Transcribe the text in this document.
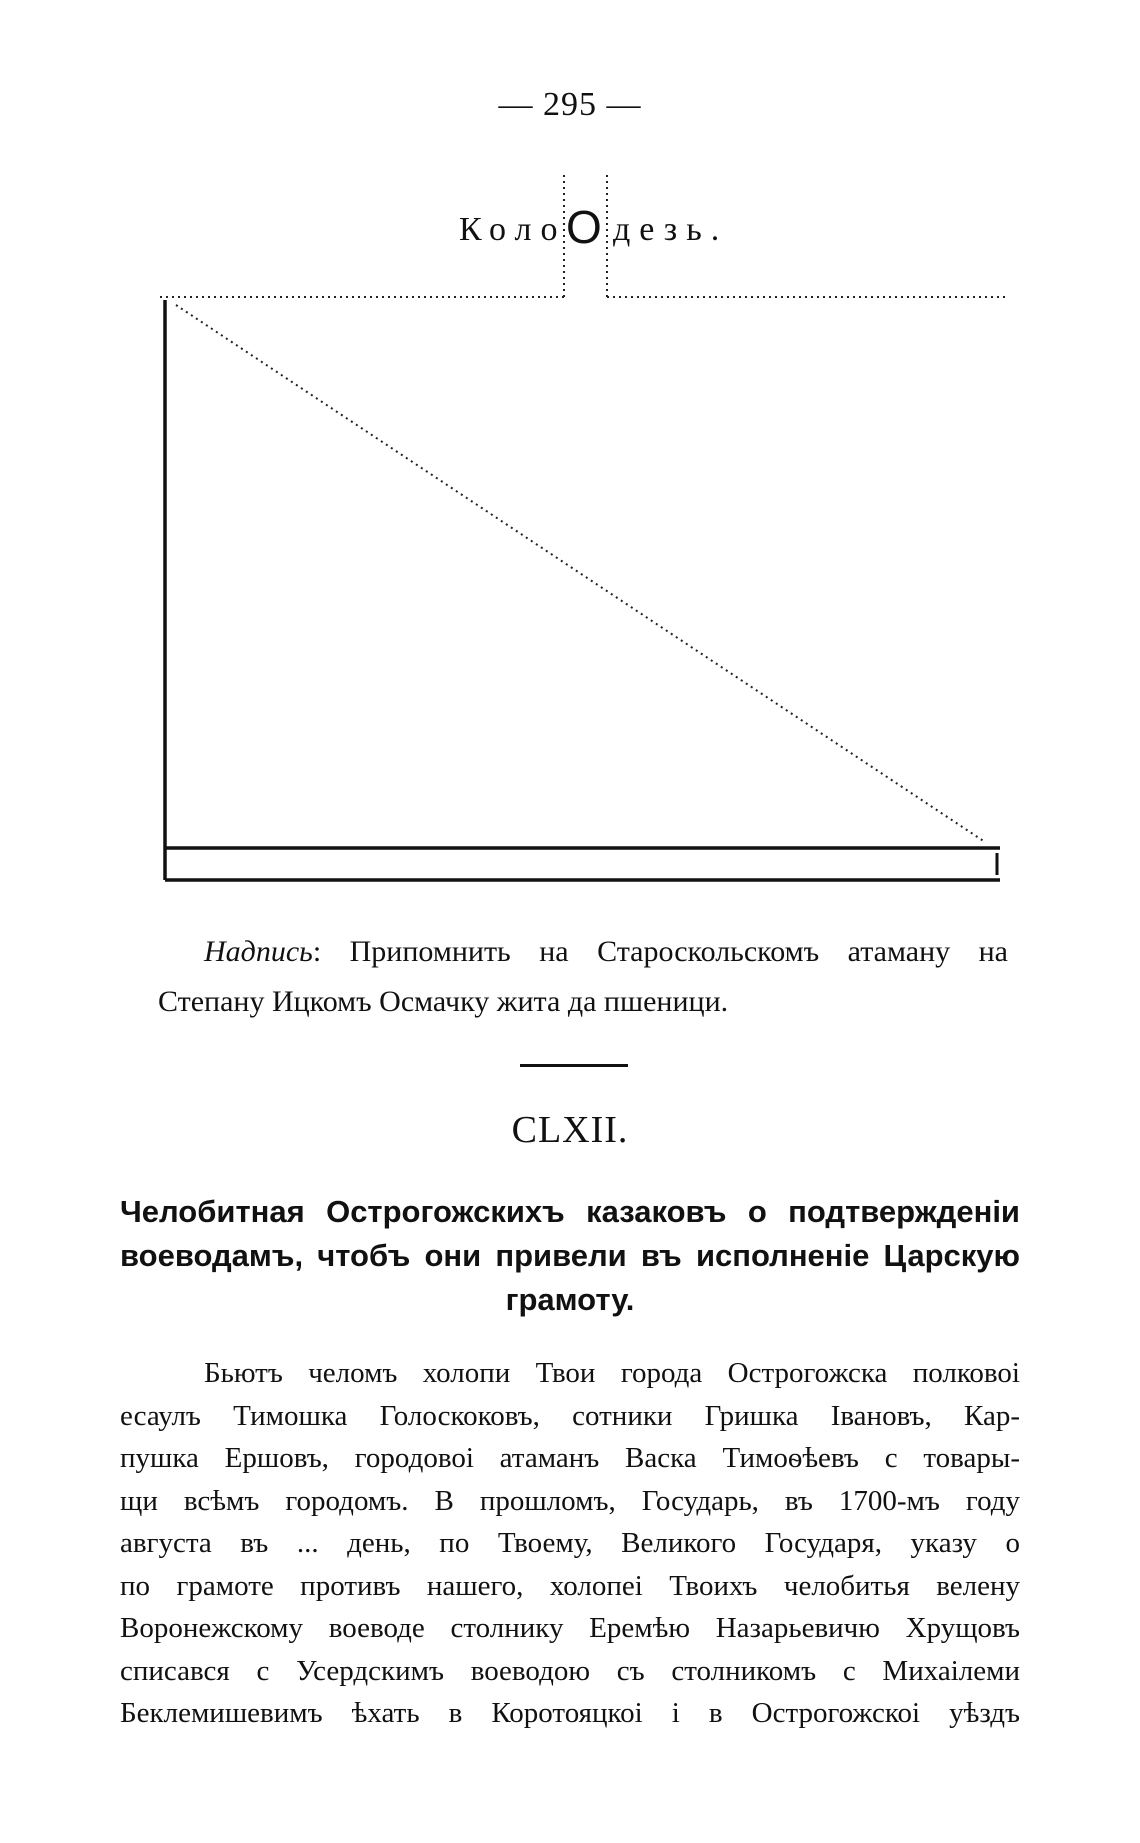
— 295 —
Коло О дезь.
Надпись: Припомнить на Староскольскомъ атаману на
Степану Ицкомъ Осмачку жита да пшеници.
CLXII.
Челобитная Острогожскихъ казаковъ о подтвержденіи
воеводамъ, чтобъ они привели въ исполненіе Царскую
грамоту.
Бьютъ челомъ холопи Твои города Острогожска полковоі
есаулъ Тимошка Голоскоковъ, сотники Гришка Івановъ, Кар-
пушка Ершовъ, городовоі атаманъ Васка Тимоѳѣевъ с товары-
щи всѣмъ городомъ. В прошломъ, Государь, въ 1700-мъ году
августа въ ... день, по Твоему, Великого Государя, указу о
по грамоте противъ нашего, холопеі Твоихъ челобитья велену
Воронежскому воеводе столнику Еремѣю Назарьевичю Хрущовъ
списався с Усердскимъ воеводою съ столникомъ с Михаілеми
Беклемишевимъ ѣхать в Коротояцкоі і в Острогожскоі уѣздъ
